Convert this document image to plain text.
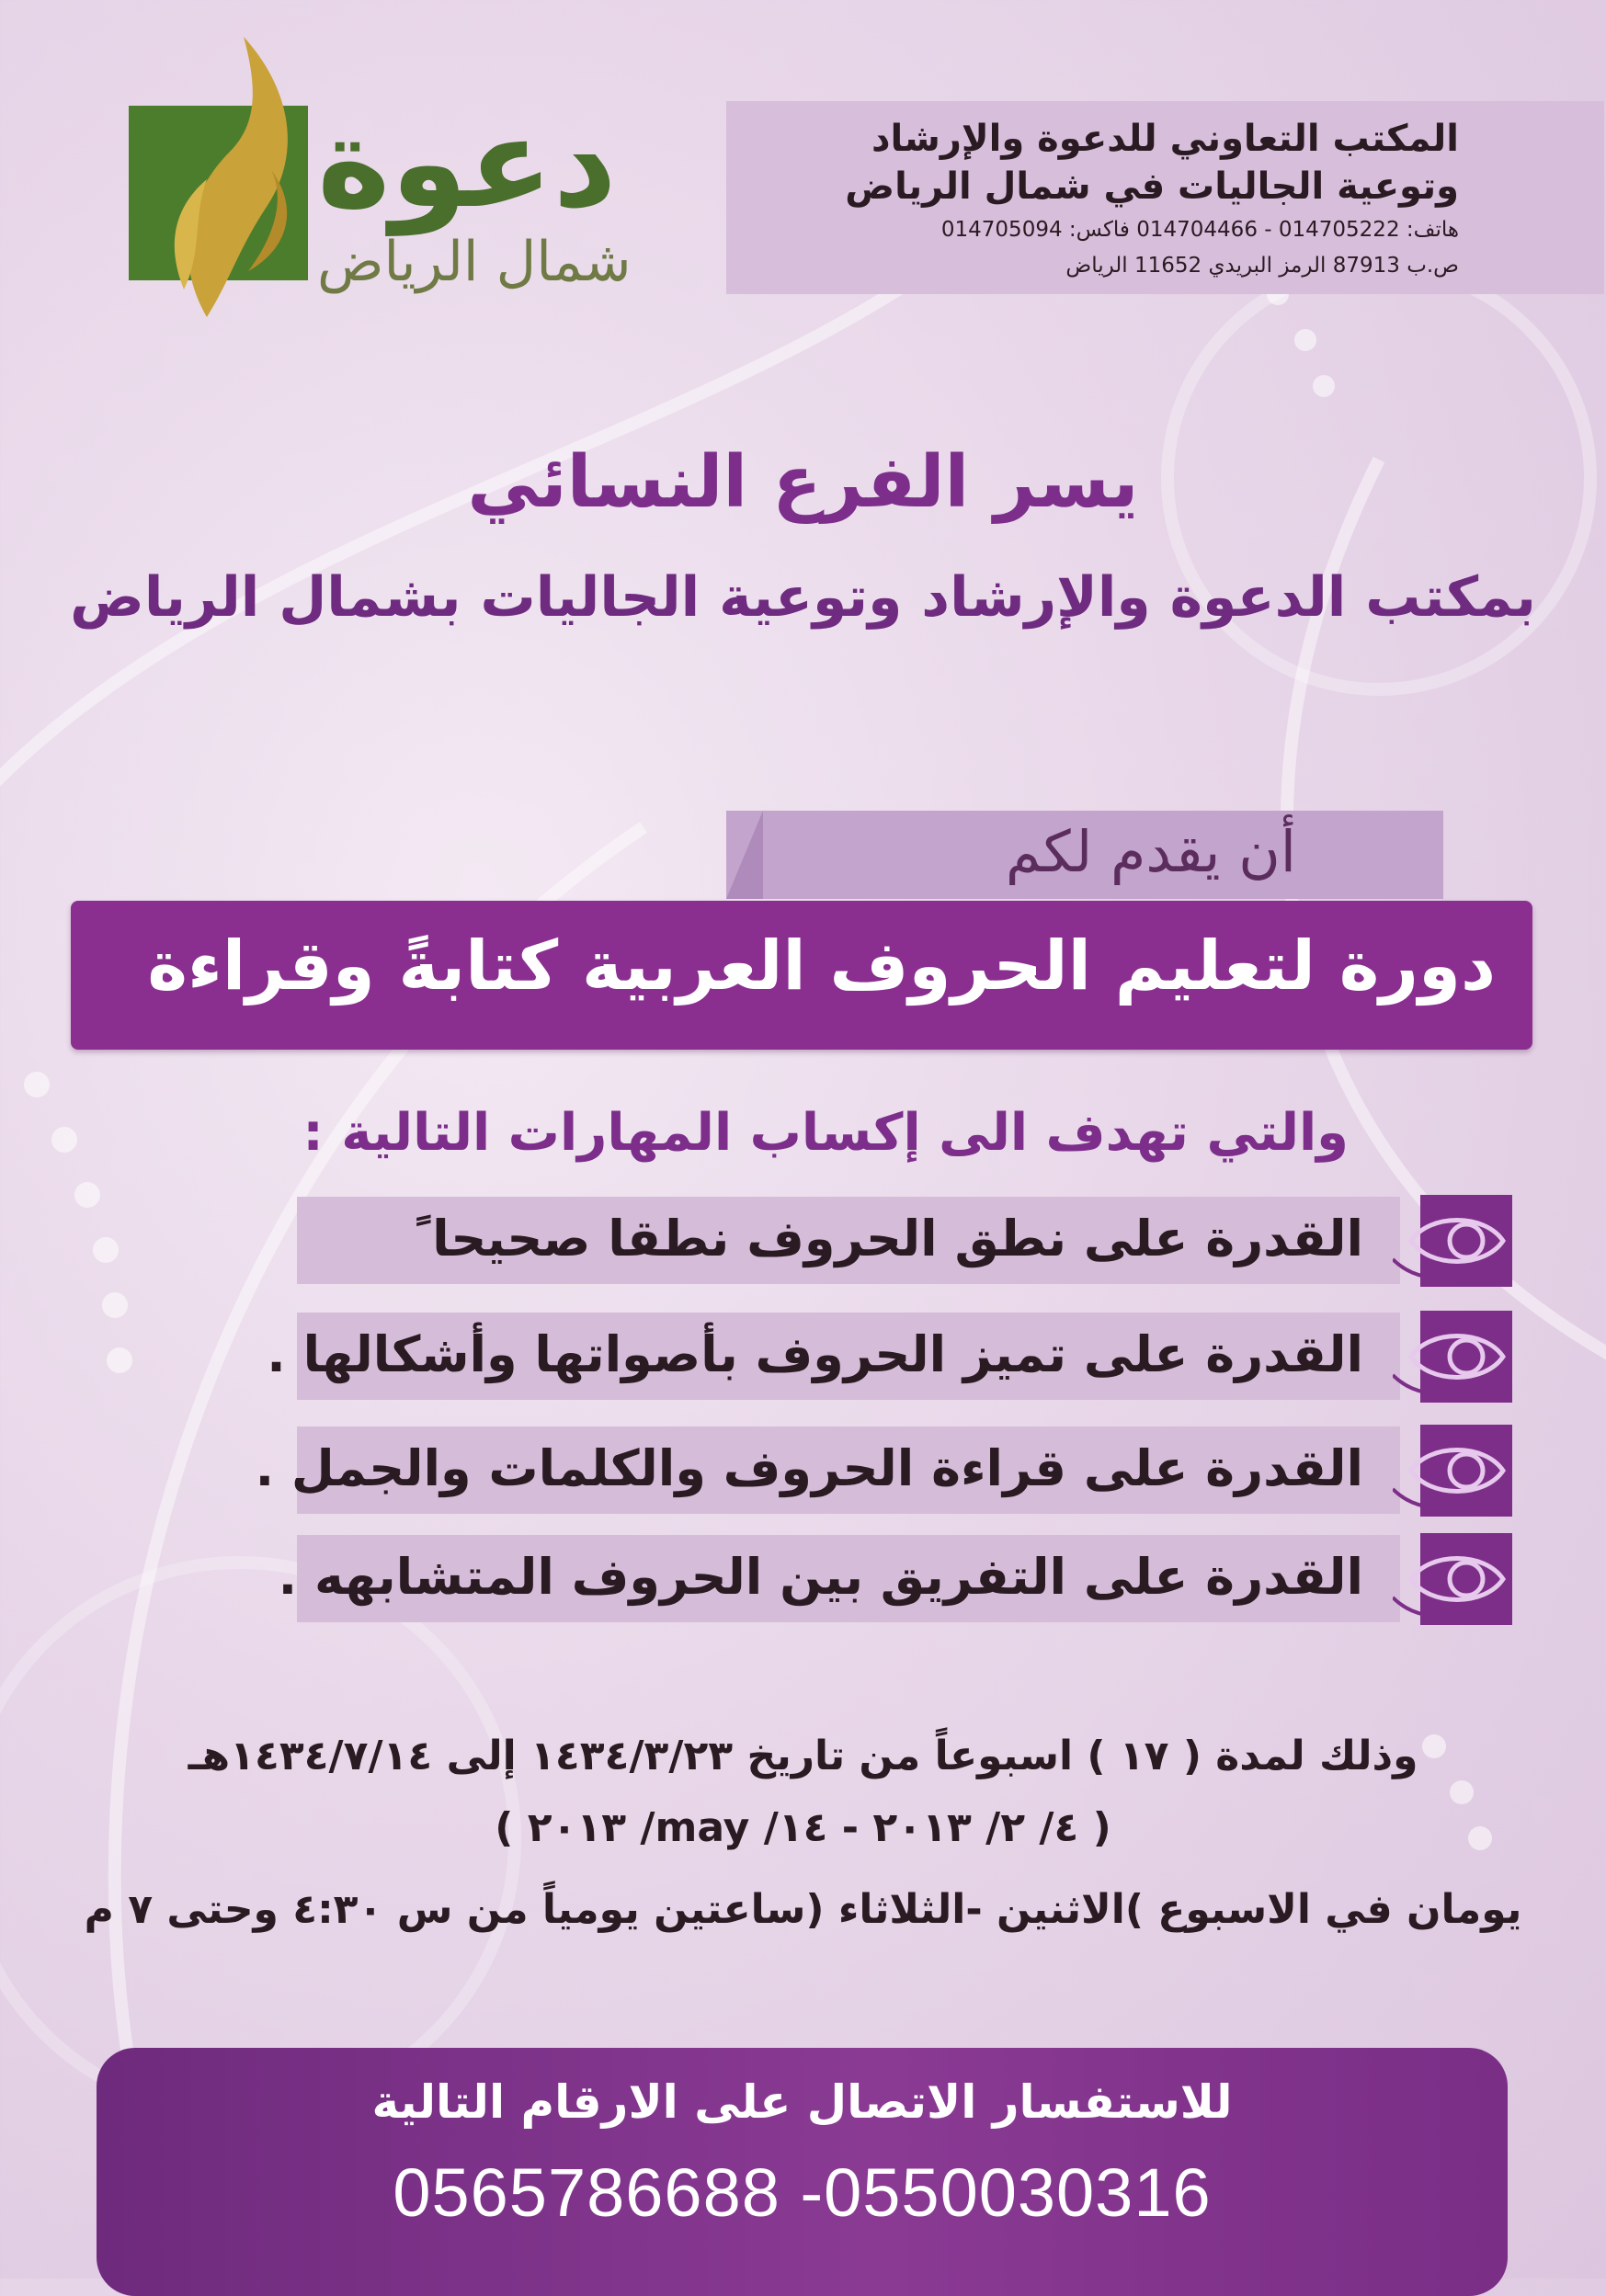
دعوة
شمال الرياض
المكتب التعاوني للدعوة والإرشاد
وتوعية الجاليات في شمال الرياض
هاتف: 014705222 - 014704466 فاكس: 014705094
ص.ب 87913 الرمز البريدي 11652 الرياض
يسر الفرع النسائي
بمكتب الدعوة والإرشاد وتوعية الجاليات بشمال الرياض
أن يقدم لكم
دورة لتعليم الحروف العربية كتابةً وقراءة
والتي تهدف الى إكساب المهارات التالية :
القدرة على نطق الحروف نطقا صحيحا ً
القدرة على تميز الحروف بأصواتها وأشكالها .
القدرة على قراءة الحروف والكلمات والجمل .
القدرة على التفريق بين الحروف المتشابهه .
وذلك لمدة ( ١٧ ) اسبوعاً من تاريخ ١٤٣٤/٣/٢٣ إلى ١٤٣٤/٧/١٤هـ
( ٤/ ٢/ ٢٠١٣ - ١٤/ may/ ٢٠١٣ )
يومان في الاسبوع )الاثنين -الثلاثاء (ساعتين يومياً من س ٤:٣٠ وحتى ٧ م
للاستفسار الاتصال على الارقام التالية
0565786688 -0550030316
